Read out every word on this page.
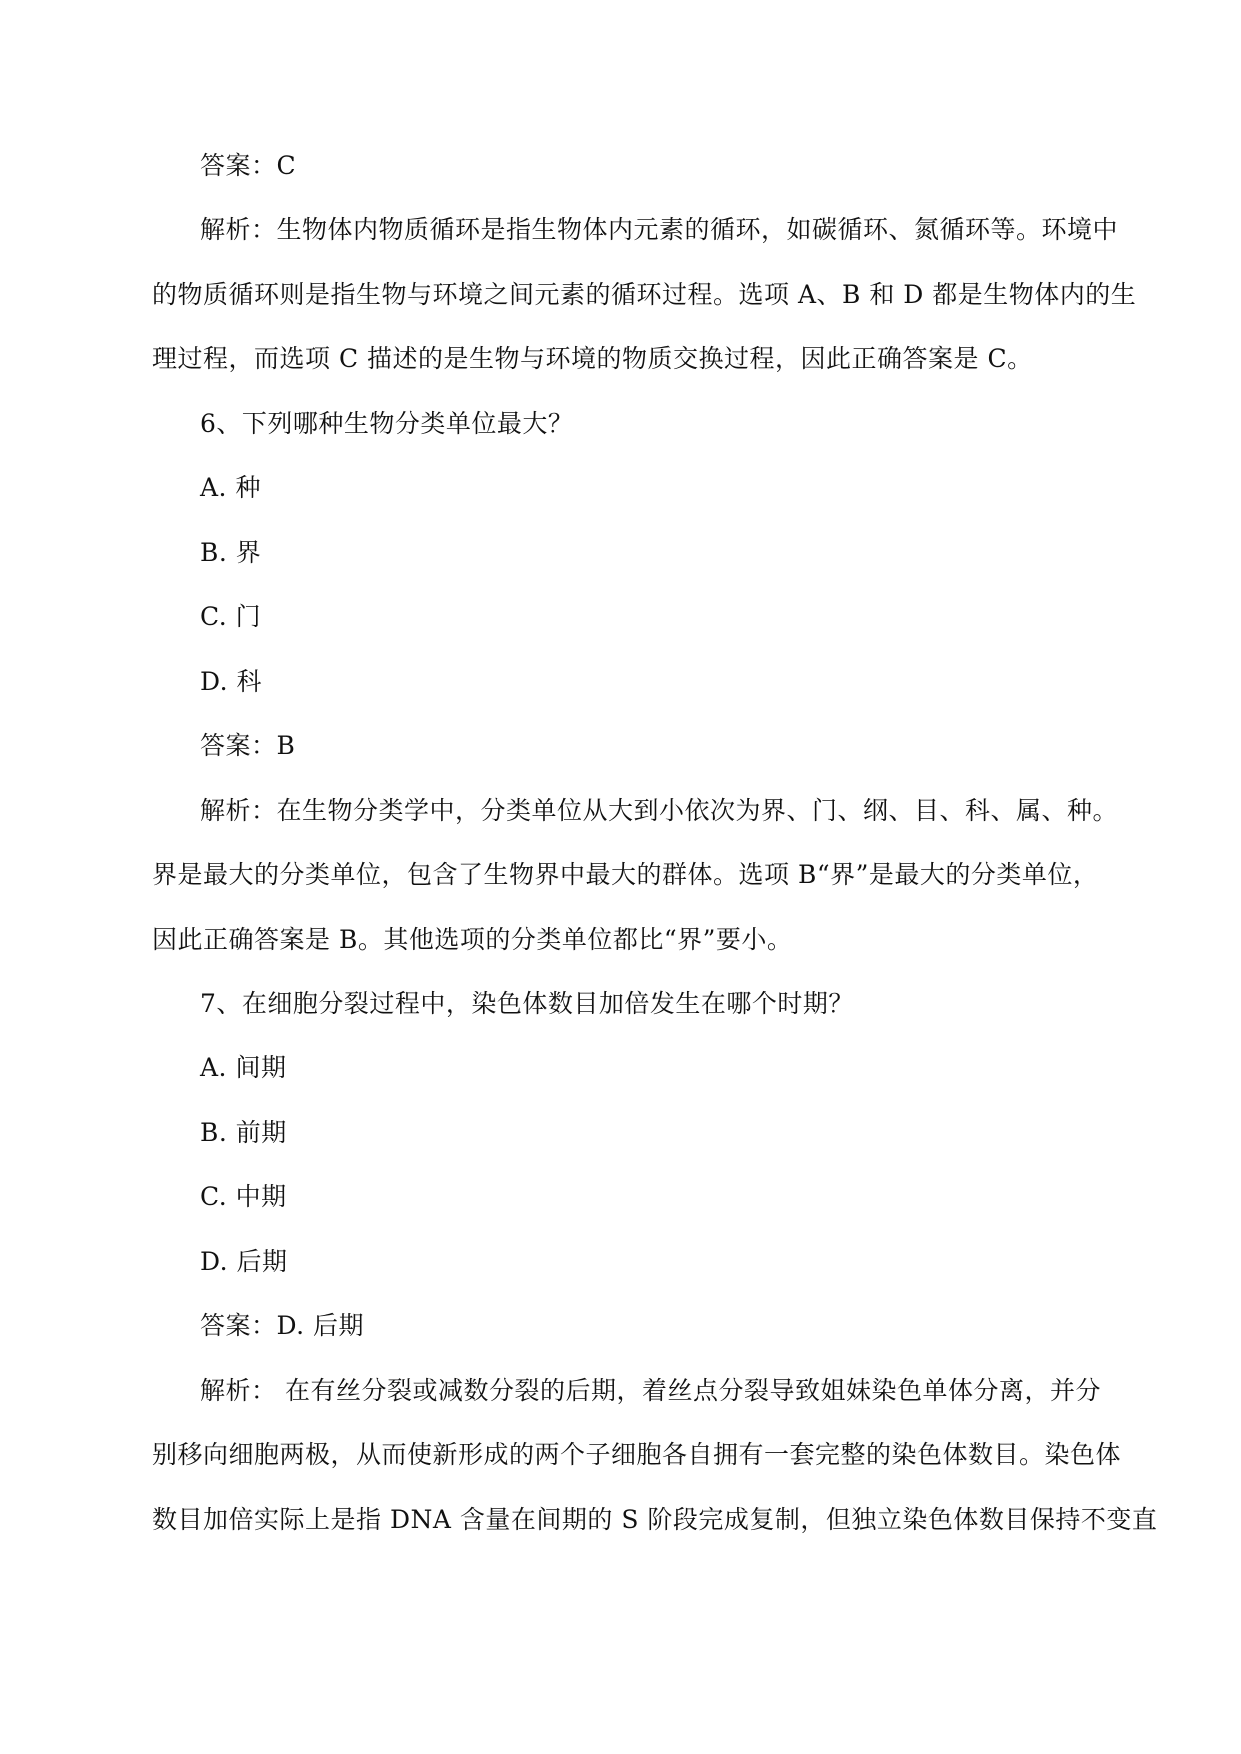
答案：C
解析：生物体内物质循环是指生物体内元素的循环，如碳循环、氮循环等。环境中
的物质循环则是指生物与环境之间元素的循环过程。选项 A、B 和 D 都是生物体内的生
理过程，而选项 C 描述的是生物与环境的物质交换过程，因此正确答案是 C。
6、下列哪种生物分类单位最大？
A. 种
B. 界
C. 门
D. 科
答案：B
解析：在生物分类学中，分类单位从大到小依次为界、门、纲、目、科、属、种。
界是最大的分类单位，包含了生物界中最大的群体。选项 B“界”是最大的分类单位，
因此正确答案是 B。其他选项的分类单位都比“界”要小。
7、在细胞分裂过程中，染色体数目加倍发生在哪个时期？
A. 间期
B. 前期
C. 中期
D. 后期
答案：D. 后期
解析： 在有丝分裂或减数分裂的后期，着丝点分裂导致姐妹染色单体分离，并分
别移向细胞两极，从而使新形成的两个子细胞各自拥有一套完整的染色体数目。染色体
数目加倍实际上是指 DNA 含量在间期的 S 阶段完成复制，但独立染色体数目保持不变直
